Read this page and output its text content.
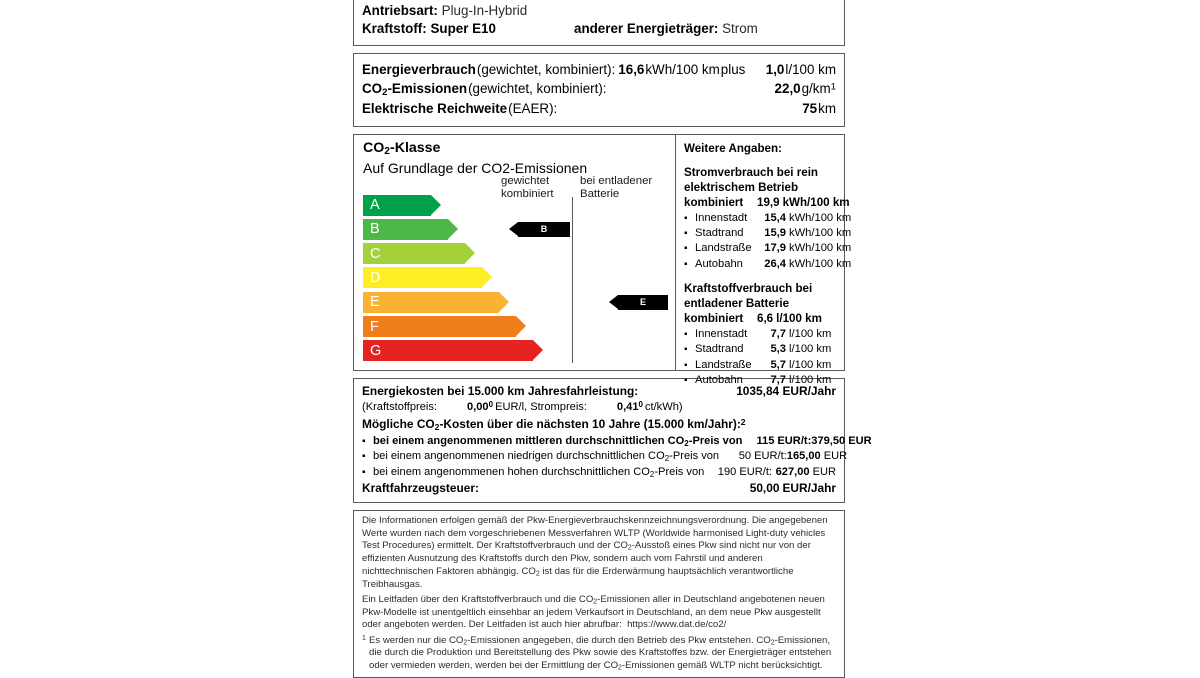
Antriebsart: Plug-In-Hybrid
Kraftstoff: Super E10	anderer Energieträger: Strom
Energieverbrauch (gewichtet, kombiniert): 16,6 kWh/100 km plus 1,0 l/100 km
$CO_2$-Emissionen (gewichtet, kombiniert):	22,0 $g/km^1$
Elektrische Reichweite (EAER):	75 km
$CO_2$-Klasse
Auf Grundlage der CO2-Emissionen
gewichtet
kombiniert
bei entladener
Batterie
A
B	B
C
D
E	E
F
G
Weitere Angaben:
Stromverbrauch bei rein
elektrischem Betrieb
kombiniert	19,9 kWh/100 km
▪ Innenstadt	15,4 kWh/100 km
▪ Stadtrand	15,9 kWh/100 km
▪ Landstraße	17,9 kWh/100 km
▪ Autobahn	26,4 kWh/100 km
Kraftstoffverbrauch bei
entladener Batterie
kombiniert	6,6 l/100 km
▪ Innenstadt	7,7 l/100 km
▪ Stadtrand	5,3 l/100 km
▪ Landstraße	5,7 l/100 km
▪ Autobahn	7,7 l/100 km
Energiekosten bei 15.000 km Jahresfahrleistung:	1035,84 EUR/Jahr
(Kraftstoffpreis:	0,00$^0$ EUR/l, Strompreis:	0,41$^0$ ct/kWh)
Mögliche $CO_2$-Kosten über die nächsten 10 Jahre (15.000 km/Jahr):$^2$
▪ bei einem angenommenen mittleren durchschnittlichen $CO_2$-Preis von	115 EUR/t: 379,50 EUR
▪ bei einem angenommenen niedrigen durchschnittlichen $CO_2$-Preis von	50 EUR/t: 165,00 EUR
▪ bei einem angenommenen hohen durchschnittlichen $CO_2$-Preis von	190 EUR/t: 627,00 EUR
Kraftfahrzeugsteuer:	50,00 EUR/Jahr

Die Informationen erfolgen gemäß der Pkw-Energieverbrauchskennzeichnungsverordnung. Die angegebenen Werte wurden nach dem vorgeschriebenen Messverfahren WLTP (Worldwide harmonised Light-duty vehicles Test Procedures) ermittelt. Der Kraftstoffverbrauch und der $CO_2$-Ausstoß eines Pkw sind nicht nur von der effizienten Ausnutzung des Kraftstoffs durch den Pkw, sondern auch vom Fahrstil und anderen nichttechnischen Faktoren abhängig. $CO_2$ ist das für die Erderwärmung hauptsächlich verantwortliche Treibhausgas.

Ein Leitfaden über den Kraftstoffverbrauch und die $CO_2$-Emissionen aller in Deutschland angebotenen neuen Pkw-Modelle ist unentgeltlich einsehbar an jedem Verkaufsort in Deutschland, an dem neue Pkw ausgestellt oder angeboten werden. Der Leitfaden ist auch hier abrufbar: https://www.dat.de/co2/

$^1$ Es werden nur die $CO_2$-Emissionen angegeben, die durch den Betrieb des Pkw entstehen. $CO_2$-Emissionen, die durch die Produktion und Bereitstellung des Pkw sowie des Kraftstoffes bzw. der Energieträger entstehen oder vermieden werden, werden bei der Ermittlung der $CO_2$-Emissionen gemäß WLTP nicht berücksichtigt.
